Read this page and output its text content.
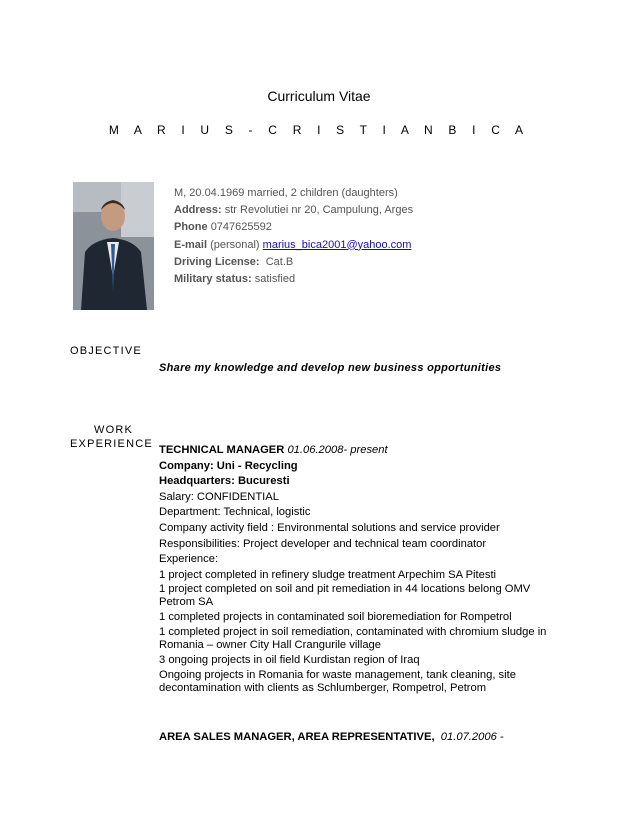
Curriculum Vitae
M A R I U S - C R I S T I A N B I C A
M, 20.04.1969 married, 2 children (daughters)
Address: str Revolutiei nr 20, Campulung, Arges
Phone 0747625592
E-mail (personal) marius_bica2001@yahoo.com
Driving License: Cat.B
Military status: satisfied
OBJECTIVE
Share my knowledge and develop new business opportunities
WORK
EXPERIENCE TECHNICAL MANAGER 01.06.2008- present
Company: Uni - Recycling
Headquarters: Bucuresti
Salary: CONFIDENTIAL
Department: Technical, logistic
Company activity field : Environmental solutions and service provider
Responsibilities: Project developer and technical team coordinator
Experience:
1 project completed in refinery sludge treatment Arpechim SA Pitesti
1 project completed on soil and pit remediation in 44 locations belong OMV Petrom SA
1 completed projects in contaminated soil bioremediation for Rompetrol
1 completed project in soil remediation, contaminated with chromium sludge in Romania – owner City Hall Crangurile village
3 ongoing projects in oil field Kurdistan region of Iraq
Ongoing projects in Romania for waste management, tank cleaning, site decontamination with clients as Schlumberger, Rompetrol, Petrom
AREA SALES MANAGER, AREA REPRESENTATIVE, 01.07.2006 -
